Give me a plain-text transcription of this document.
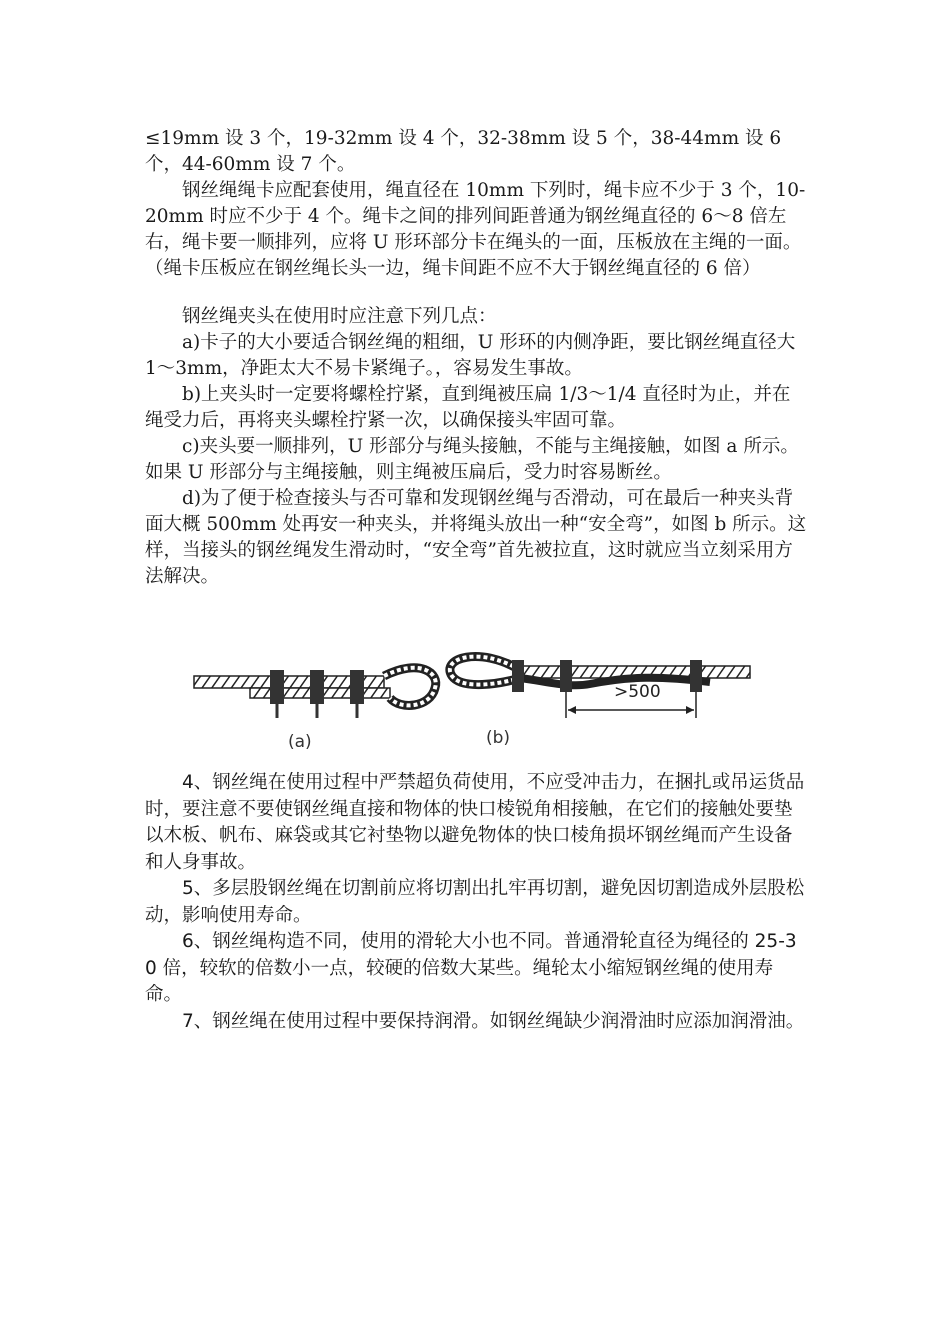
≤19mm 设 3 个，19-32mm 设 4 个，32-38mm 设 5 个，38-44mm 设 6 个，44-60mm 设 7 个。

钢丝绳绳卡应配套使用，绳直径在 10mm 下列时，绳卡应不少于 3 个，10-20mm 时应不少于 4 个。绳卡之间的排列间距普通为钢丝绳直径的 6～8 倍左右，绳卡要一顺排列，应将 U 形环部分卡在绳头的一面，压板放在主绳的一面。（绳卡压板应在钢丝绳长头一边，绳卡间距不应不大于钢丝绳直径的 6 倍）

钢丝绳夹头在使用时应注意下列几点：

a)卡子的大小要适合钢丝绳的粗细，U 形环的内侧净距，要比钢丝绳直径大 1～3mm，净距太大不易卡紧绳子。，容易发生事故。

b)上夹头时一定要将螺栓拧紧，直到绳被压扁 1/3～1/4 直径时为止，并在绳受力后，再将夹头螺栓拧紧一次，以确保接头牢固可靠。

c)夹头要一顺排列，U 形部分与绳头接触，不能与主绳接触，如图 a 所示。如果 U 形部分与主绳接触，则主绳被压扁后，受力时容易断丝。

d)为了便于检查接头与否可靠和发现钢丝绳与否滑动，可在最后一种夹头背面大概 500mm 处再安一种夹头，并将绳头放出一种“安全弯”，如图 b 所示。这样，当接头的钢丝绳发生滑动时，“安全弯”首先被拉直，这时就应当立刻采用方法解决。

(a)	(b)
>500

4、钢丝绳在使用过程中严禁超负荷使用，不应受冲击力，在捆扎或吊运货品时，要注意不要使钢丝绳直接和物体的快口棱锐角相接触，在它们的接触处要垫以木板、帆布、麻袋或其它衬垫物以避免物体的快口棱角损坏钢丝绳而产生设备和人身事故。

5、多层股钢丝绳在切割前应将切割出扎牢再切割，避免因切割造成外层股松动，影响使用寿命。

6、钢丝绳构造不同，使用的滑轮大小也不同。普通滑轮直径为绳径的 25-30 倍，较软的倍数小一点，较硬的倍数大某些。绳轮太小缩短钢丝绳的使用寿命。

7、钢丝绳在使用过程中要保持润滑。如钢丝绳缺少润滑油时应添加润滑油。
